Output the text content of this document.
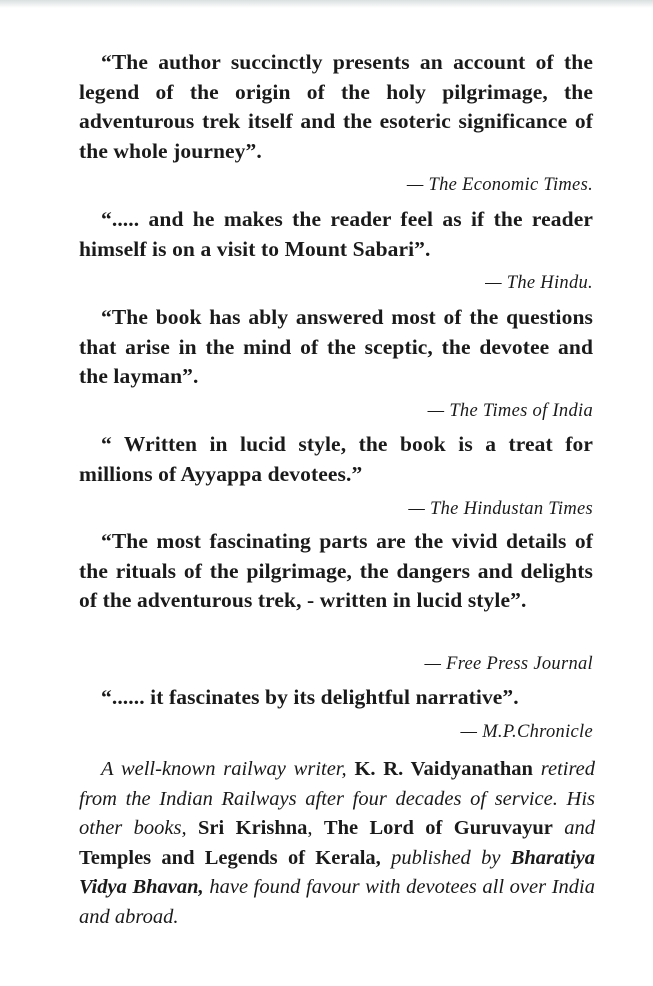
“The author succinctly presents an account of the legend of the origin of the holy pilgrimage, the adventurous trek itself and the esoteric significance of the whole journey”.
— The Economic Times.
“..... and he makes the reader feel as if the reader himself is on a visit to Mount Sabari”.
— The Hindu.
“The book has ably answered most of the questions that arise in the mind of the sceptic, the devotee and the layman”.
— The Times of India
“ Written in lucid style, the book is a treat for millions of Ayyappa devotees.”
— The Hindustan Times
“The most fascinating parts are the vivid details of the rituals of the pilgrimage, the dangers and delights of the adventurous trek, - written in lucid style”.
— Free Press Journal
“...... it fascinates by its delightful narrative”.
— M.P.Chronicle
A well-known railway writer, K. R. Vaidyanathan retired from the Indian Railways after four decades of service. His other books, Sri Krishna, The Lord of Guruvayur and Temples and Legends of Kerala, published by Bharatiya Vidya Bhavan, have found favour with devotees all over India and abroad.
